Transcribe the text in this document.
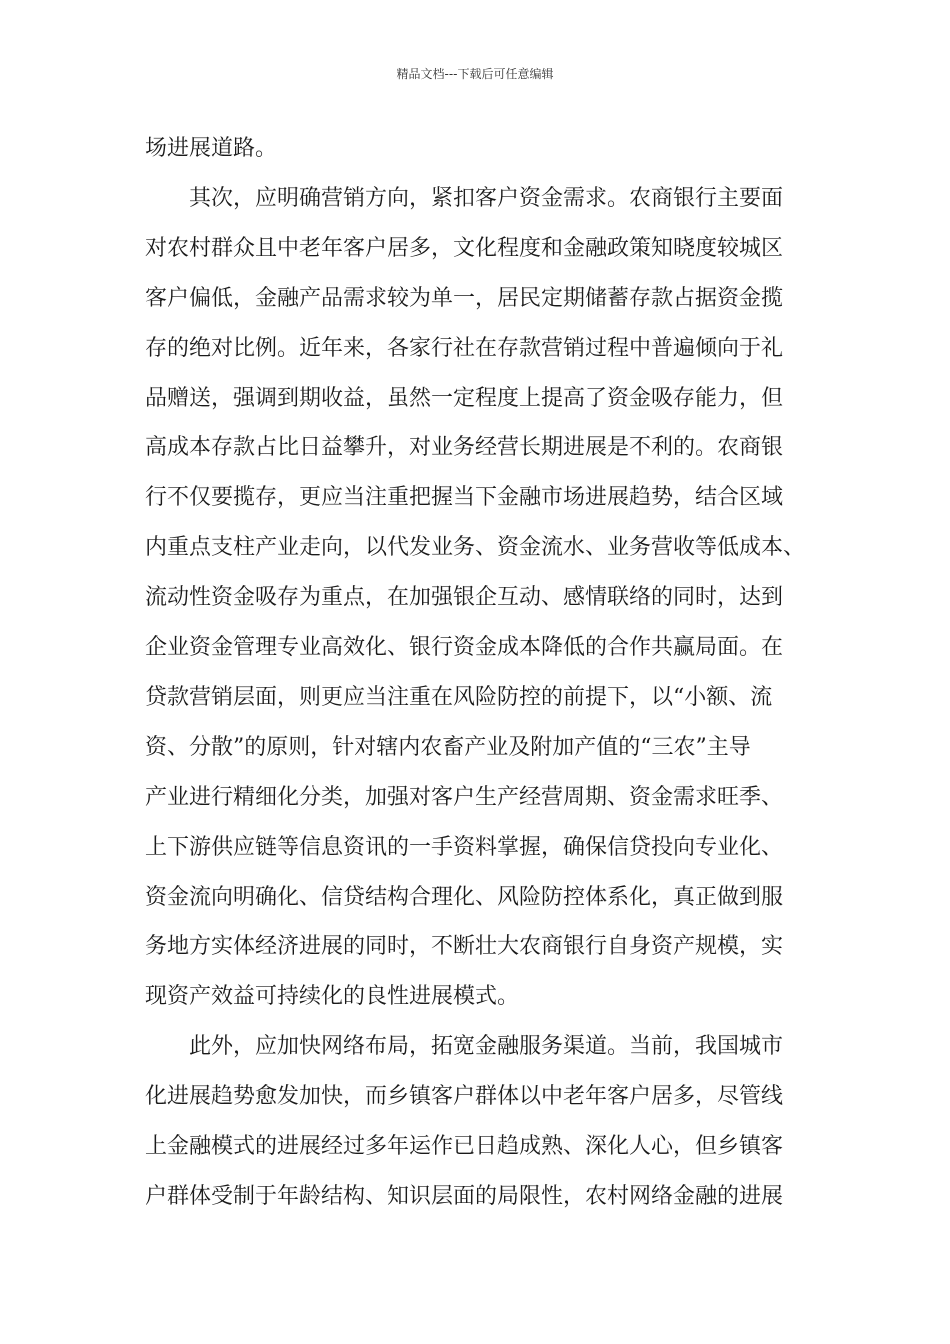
精品文档---下载后可任意编辑
场进展道路。
　　其次，应明确营销方向，紧扣客户资金需求。农商银行主要面
对农村群众且中老年客户居多，文化程度和金融政策知晓度较城区
客户偏低，金融产品需求较为单一，居民定期储蓄存款占据资金揽
存的绝对比例。近年来，各家行社在存款营销过程中普遍倾向于礼
品赠送，强调到期收益，虽然一定程度上提高了资金吸存能力，但
高成本存款占比日益攀升，对业务经营长期进展是不利的。农商银
行不仅要揽存，更应当注重把握当下金融市场进展趋势，结合区域
内重点支柱产业走向，以代发业务、资金流水、业务营收等低成本、
流动性资金吸存为重点，在加强银企互动、感情联络的同时，达到
企业资金管理专业高效化、银行资金成本降低的合作共赢局面。在
贷款营销层面，则更应当注重在风险防控的前提下，以“小额、流
资、分散”的原则，针对辖内农畜产业及附加产值的“三农”主导
产业进行精细化分类，加强对客户生产经营周期、资金需求旺季、
上下游供应链等信息资讯的一手资料掌握，确保信贷投向专业化、
资金流向明确化、信贷结构合理化、风险防控体系化，真正做到服
务地方实体经济进展的同时，不断壮大农商银行自身资产规模，实
现资产效益可持续化的良性进展模式。
　　此外，应加快网络布局，拓宽金融服务渠道。当前，我国城市
化进展趋势愈发加快，而乡镇客户群体以中老年客户居多，尽管线
上金融模式的进展经过多年运作已日趋成熟、深化人心，但乡镇客
户群体受制于年龄结构、知识层面的局限性，农村网络金融的进展
